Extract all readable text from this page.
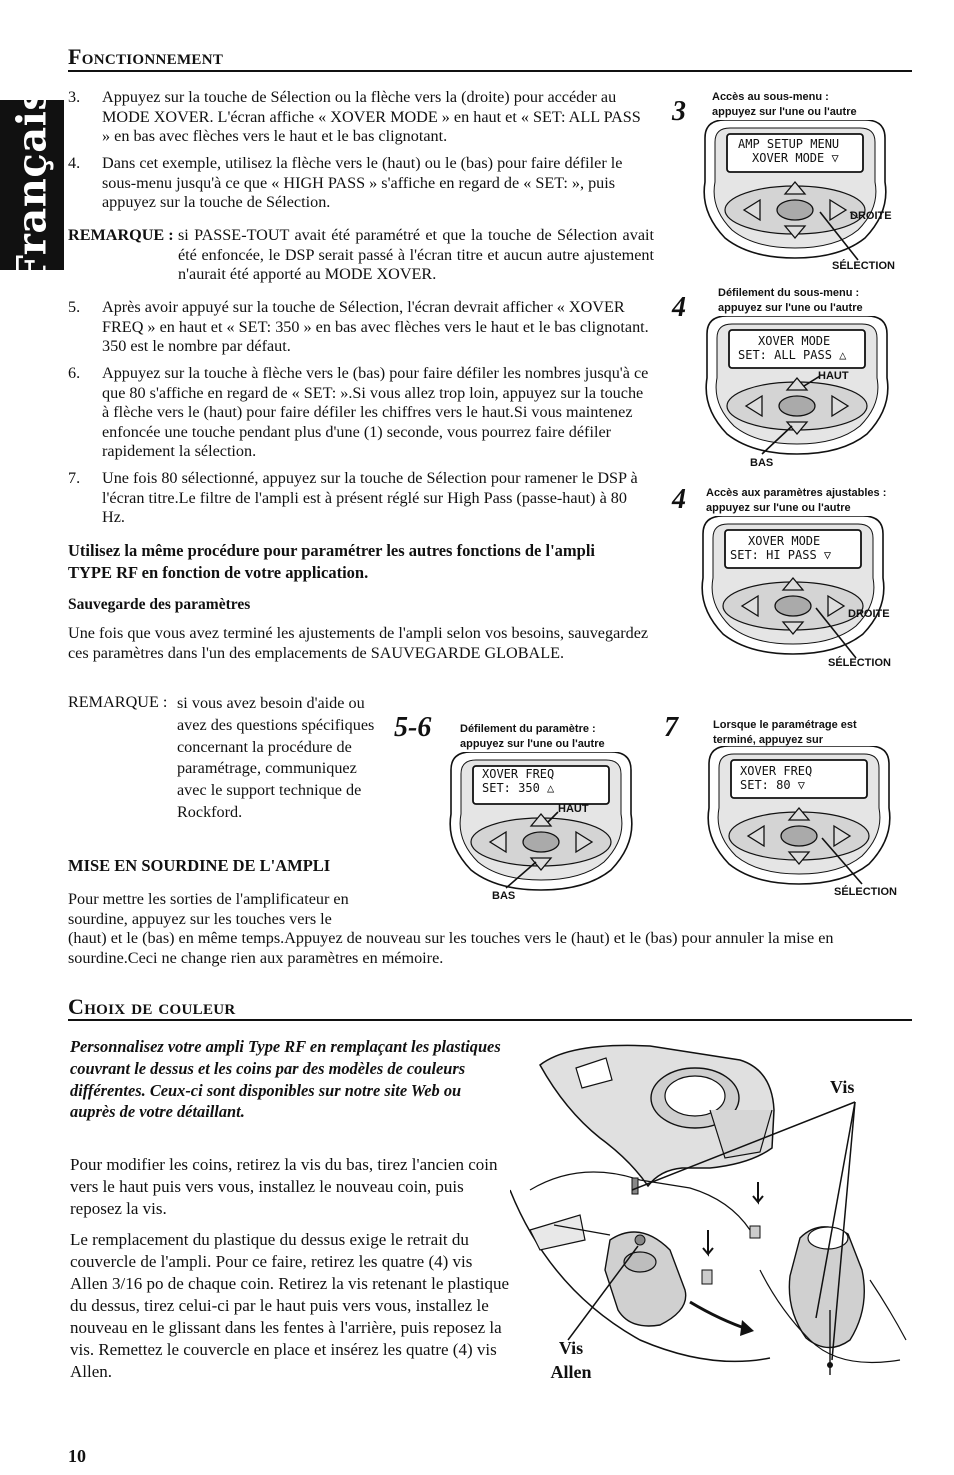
Français
Fonctionnement
3. Appuyez sur la touche de Sélection ou la flèche vers la (droite) pour accéder au MODE XOVER. L'écran affiche « XOVER MODE » en haut et « SET: ALL PASS » en bas avec flèches vers le haut et le bas clignotant.
4. Dans cet exemple, utilisez la flèche vers le (haut) ou le (bas) pour faire défiler le sous-menu jusqu'à ce que « HIGH PASS » s'affiche en regard de « SET: », puis appuyez sur la touche de Sélection.
REMARQUE : si PASSE-TOUT avait été paramétré et que la touche de Sélection avait été enfoncée, le DSP serait passé à l'écran titre et aucun autre ajustement n'aurait été apporté au MODE XOVER.
5. Après avoir appuyé sur la touche de Sélection, l'écran devrait afficher « XOVER FREQ » en haut et « SET: 350 » en bas avec flèches vers le haut et le bas clignotant. 350 est le nombre par défaut.
6. Appuyez sur la touche à flèche vers le (bas) pour faire défiler les nombres jusqu'à ce que 80 s'affiche en regard de « SET: ».Si vous allez trop loin, appuyez sur la touche à flèche vers le (haut) pour faire défiler les chiffres vers le haut.Si vous maintenez enfoncée une touche pendant plus d'une (1) seconde, vous pourrez faire défiler rapidement la sélection.
7. Une fois 80 sélectionné, appuyez sur la touche de Sélection pour ramener le DSP à l'écran titre.Le filtre de l'ampli est à présent réglé sur High Pass (passe-haut) à 80 Hz.
Utilisez la même procédure pour paramétrer les autres fonctions de l'ampli TYPE RF en fonction de votre application.
Sauvegarde des paramètres
Une fois que vous avez terminé les ajustements de l'ampli selon vos besoins, sauvegardez ces paramètres dans l'un des emplacements de SAUVEGARDE GLOBALE.
REMARQUE : si vous avez besoin d'aide ou avez des questions spécifiques concernant la procédure de paramétrage, communiquez avec le support technique de Rockford.
MISE EN SOURDINE DE L'AMPLI
Pour mettre les sorties de l'amplificateur en sourdine, appuyez sur les touches vers le
(haut) et le (bas) en même temps.Appuyez de nouveau sur les touches vers le (haut) et le (bas) pour annuler la mise en sourdine.Ceci ne change rien aux paramètres en mémoire.
3 Accès au sous-menu :
appuyez sur l'une ou l'autre
AMP SETUP MENU
XOVER MODE ▽
DROITE
SÉLECTION
4	Défilement du sous-menu :
appuyez sur l'une ou l'autre
XOVER MODE
SET: ALL PASS △
HAUT
BAS
4 Accès aux paramètres ajustables :
appuyez sur l'une ou l'autre
XOVER MODE
SET: HI PASS ▽
DROITE
SÉLECTION
5-6	Défilement du paramètre :
appuyez sur l'une ou l'autre
XOVER FREQ
SET: 350 △
HAUT
BAS
7	Lorsque le paramétrage est
terminé, appuyez sur
XOVER FREQ
SET: 80 ▽
SÉLECTION
Choix de couleur
Personnalisez votre ampli Type RF en remplaçant les plastiques couvrant le dessus et les coins par des modèles de couleurs différentes. Ceux-ci sont disponibles sur notre site Web ou auprès de votre détaillant.
Pour modifier les coins, retirez la vis du bas, tirez l'ancien coin vers le haut puis vers vous, installez le nouveau coin, puis reposez la vis.
Le remplacement du plastique du dessus exige le retrait du couvercle de l'ampli. Pour ce faire, retirez les quatre (4) vis Allen 3/16 po de chaque coin. Retirez la vis retenant le plastique du dessus, tirez celui-ci par le haut puis vers vous, installez le nouveau en le glissant dans les fentes à l'arrière, puis reposez la vis. Remettez le couvercle en place et insérez les quatre (4) vis Allen.
Vis
Vis
Allen
10
